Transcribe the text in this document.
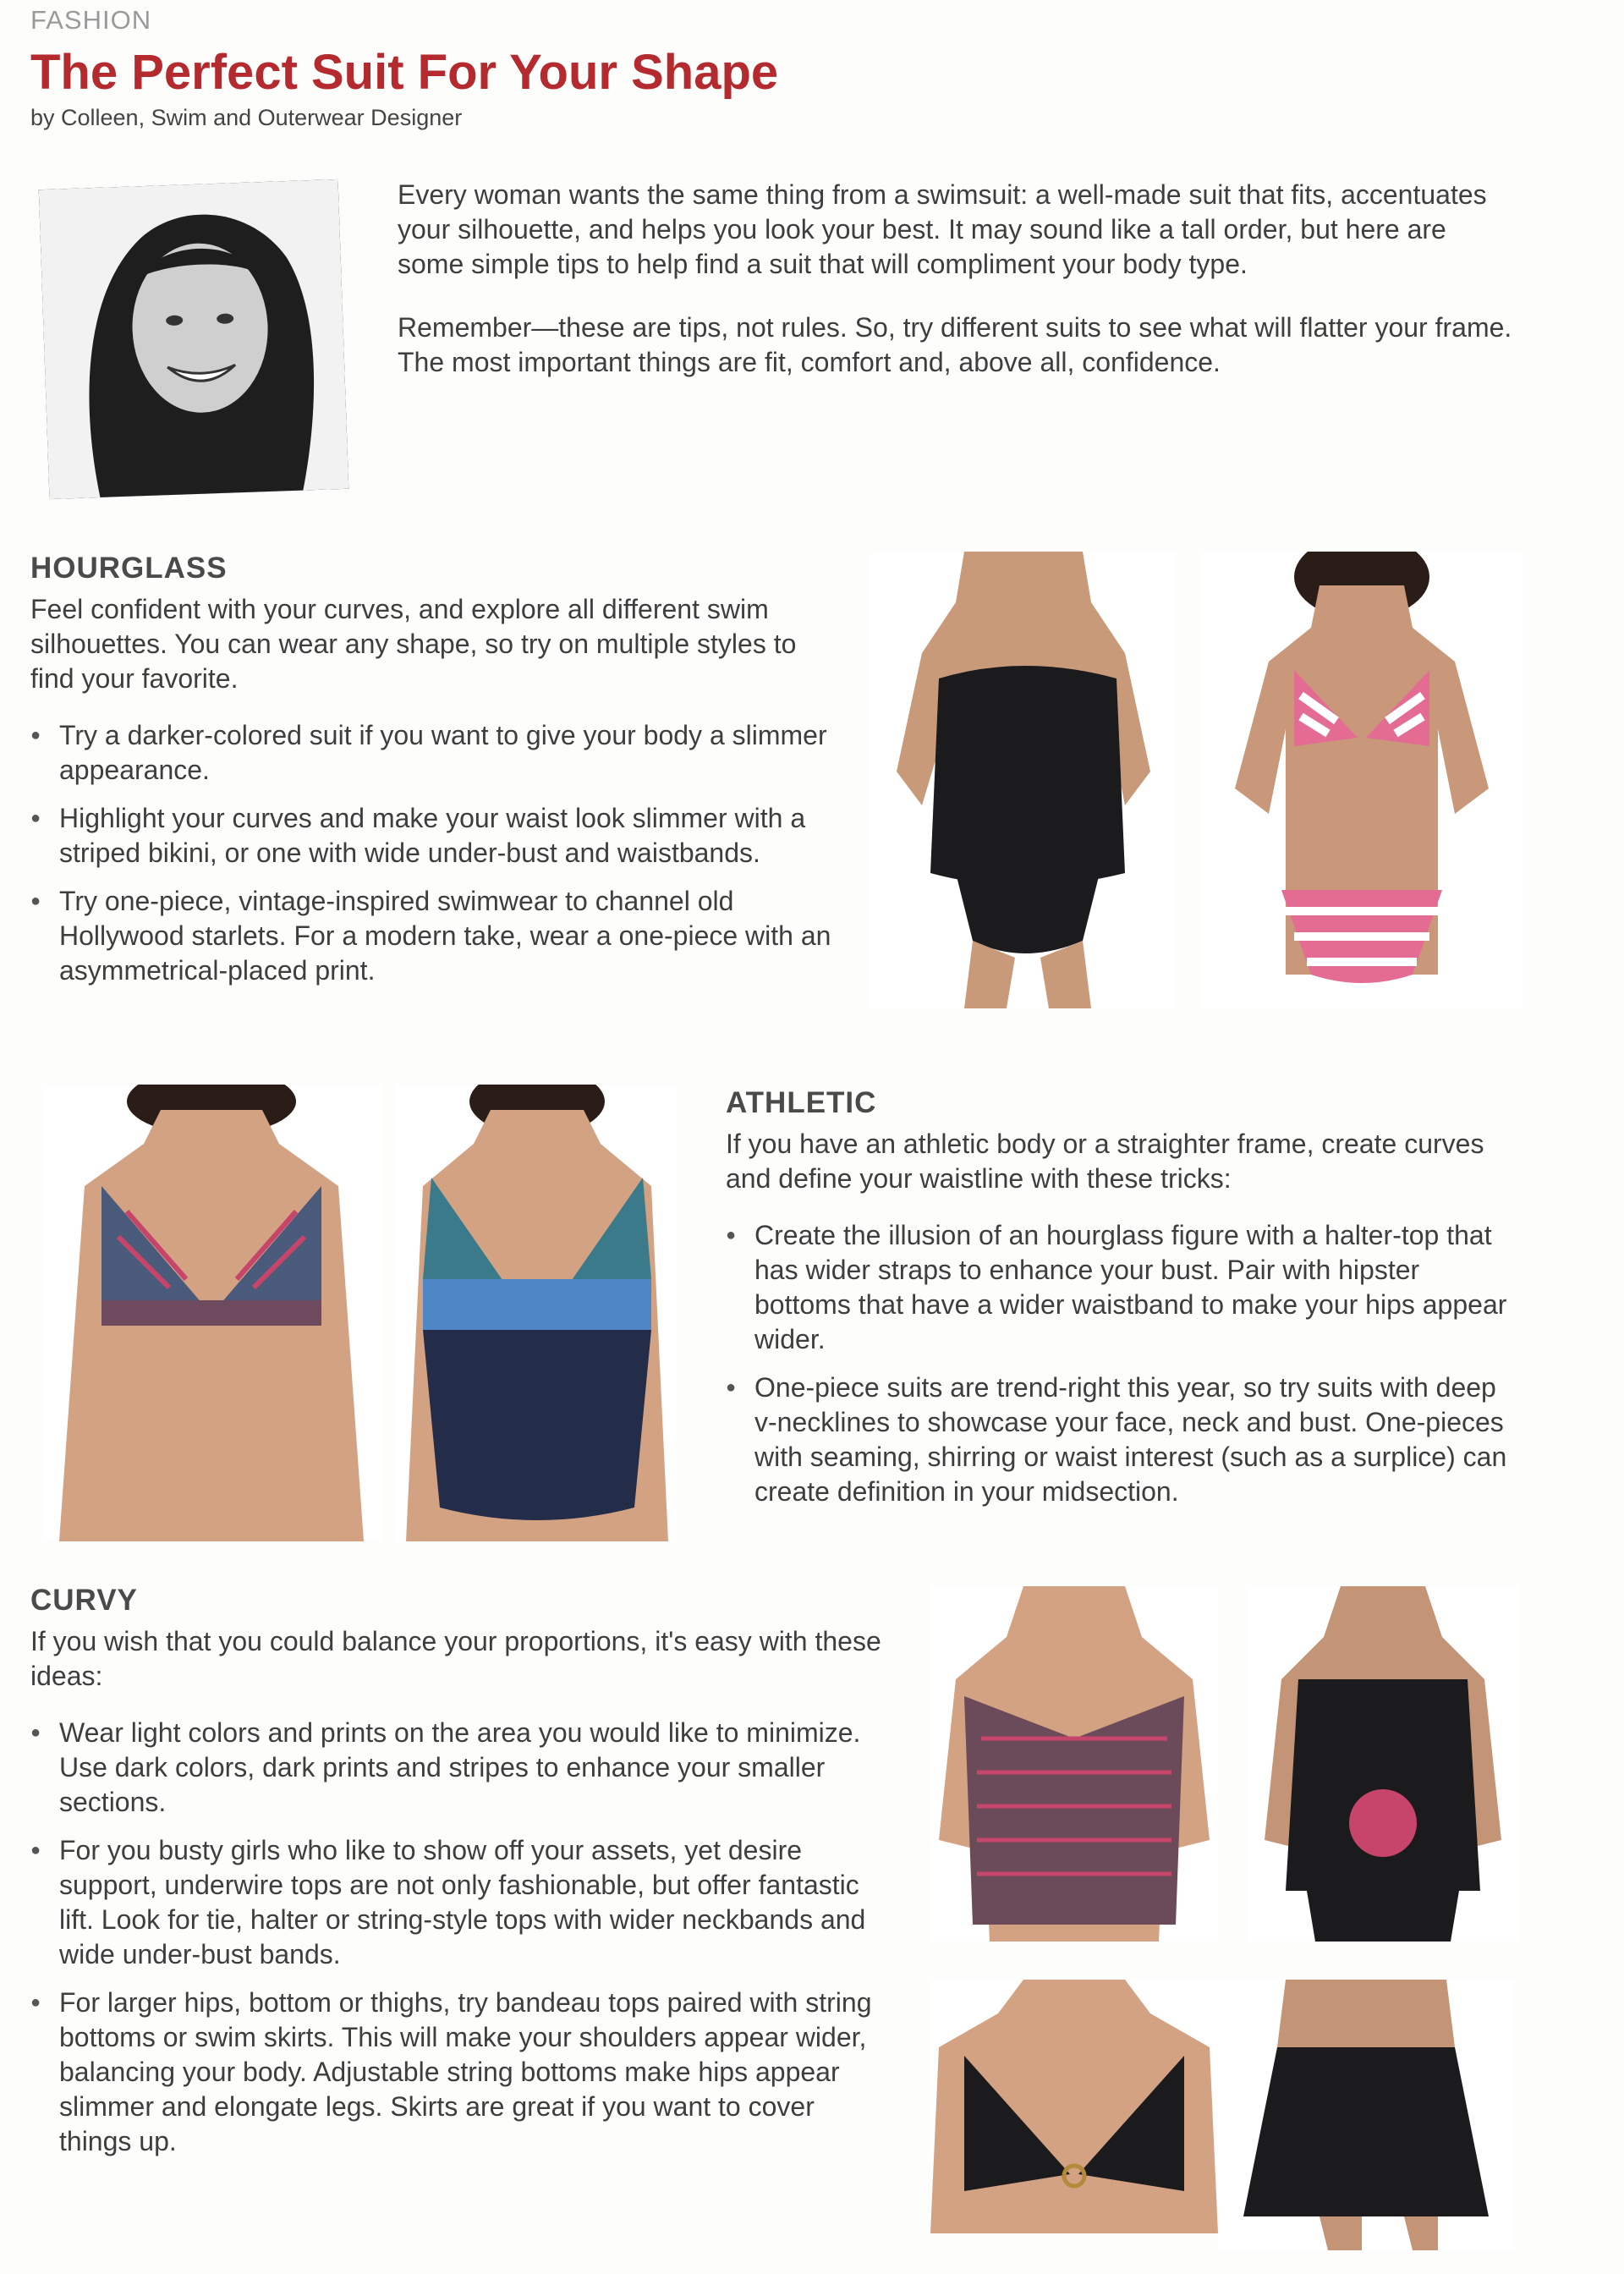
FASHION
The Perfect Suit For Your Shape
by Colleen, Swim and Outerwear Designer

Every woman wants the same thing from a swimsuit: a well-made suit that fits, accentuates your silhouette, and helps you look your best. It may sound like a tall order, but here are some simple tips to help find a suit that will compliment your body type.

Remember—these are tips, not rules. So, try different suits to see what will flatter your frame. The most important things are fit, comfort and, above all, confidence.

HOURGLASS

Feel confident with your curves, and explore all different swim silhouettes. You can wear any shape, so try on multiple styles to find your favorite.

● Try a darker-colored suit if you want to give your body a slimmer appearance.
● Highlight your curves and make your waist look slimmer with a striped bikini, or one with wide under-bust and waistbands.
● Try one-piece, vintage-inspired swimwear to channel old Hollywood starlets. For a modern take, wear a one-piece with an asymmetrical-placed print.
ATHLETIC

If you have an athletic body or a straighter frame, create curves and define your waistline with these tricks:

● Create the illusion of an hourglass figure with a halter-top that has wider straps to enhance your bust. Pair with hipster bottoms that have a wider waistband to make your hips appear wider.
● One-piece suits are trend-right this year, so try suits with deep v-necklines to showcase your face, neck and bust. One-pieces with seaming, shirring or waist interest (such as a surplice) can create definition in your midsection.
CURVY

If you wish that you could balance your proportions, it's easy with these ideas:

● Wear light colors and prints on the area you would like to minimize. Use dark colors, dark prints and stripes to enhance your smaller sections.
● For you busty girls who like to show off your assets, yet desire support, underwire tops are not only fashionable, but offer fantastic lift. Look for tie, halter or string-style tops with wider neckbands and wide under-bust bands.
● For larger hips, bottom or thighs, try bandeau tops paired with string bottoms or swim skirts. This will make your shoulders appear wider, balancing your body. Adjustable string bottoms make hips appear slimmer and elongate legs. Skirts are great if you want to cover things up.
